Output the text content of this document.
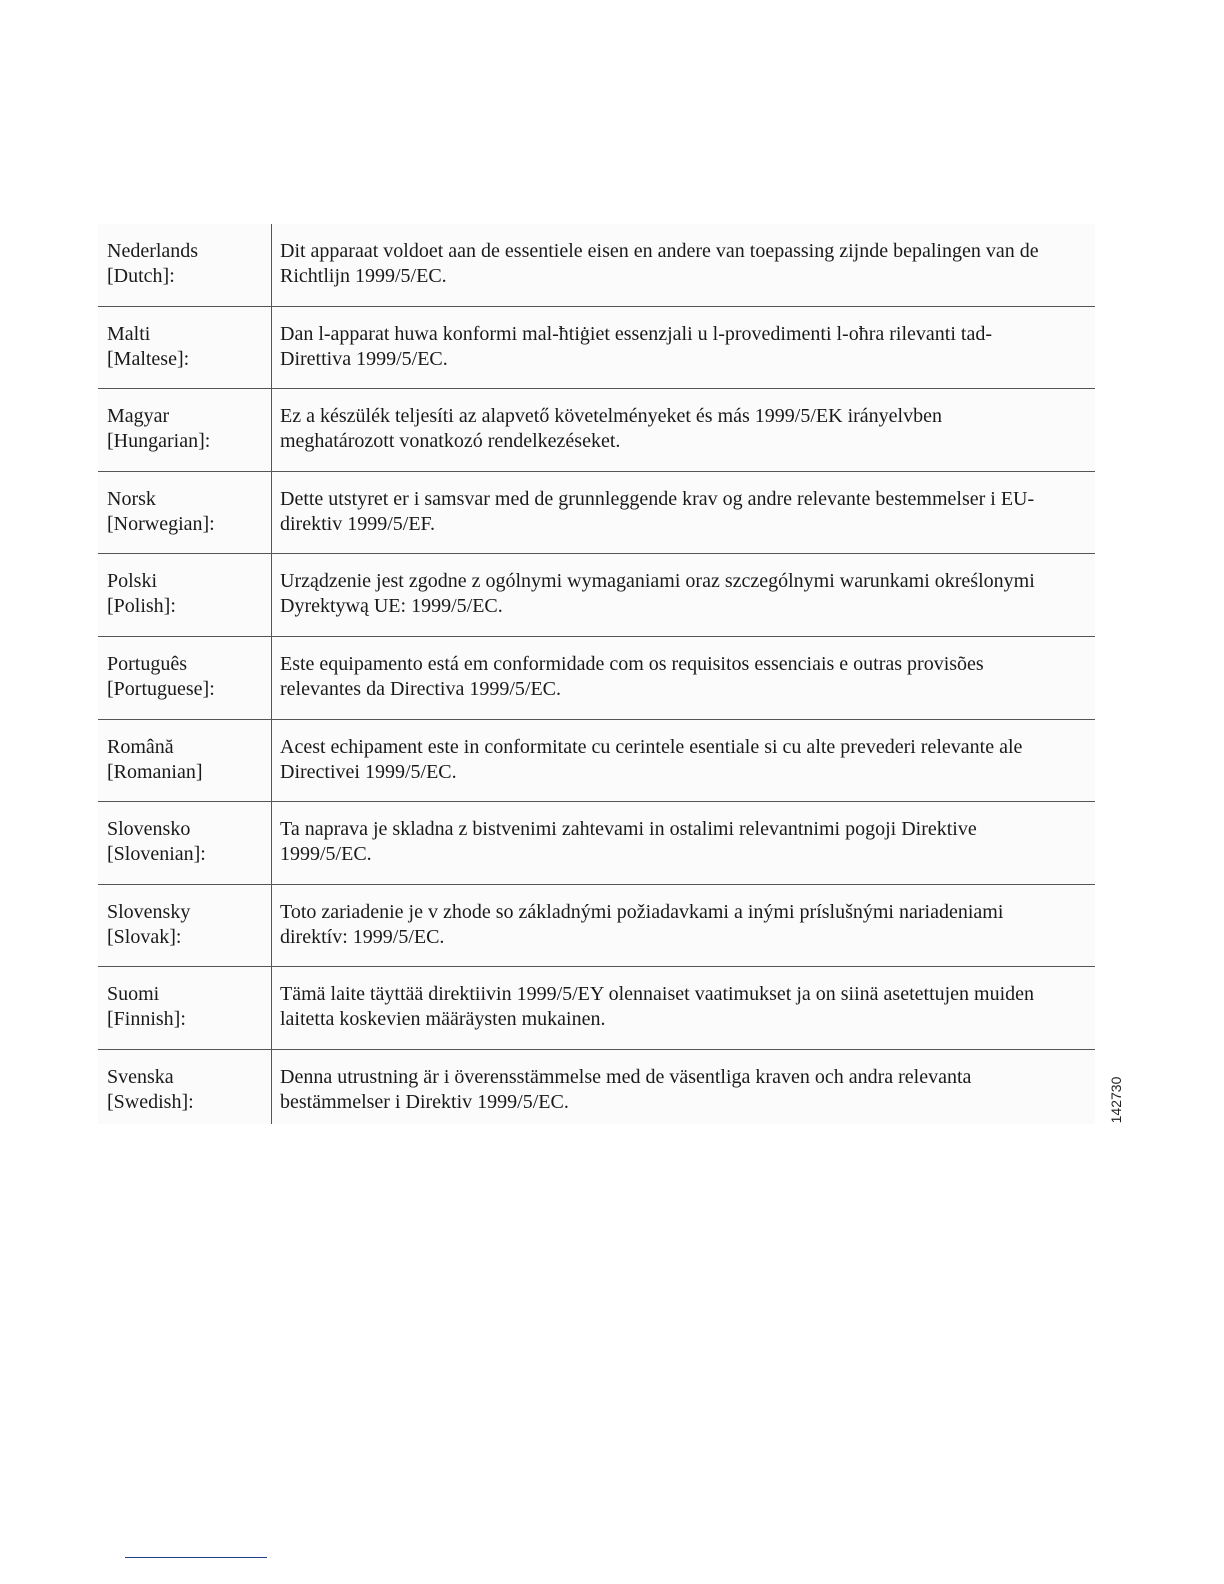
Nederlands
[Dutch]:
Dit apparaat voldoet aan de essentiele eisen en andere van toepassing zijnde bepalingen van de
Richtlijn 1999/5/EC.
Malti
[Maltese]:
Dan l-apparat huwa konformi mal-ħtiġiet essenzjali u l-provedimenti l-oħra rilevanti tad-
Direttiva 1999/5/EC.
Magyar
[Hungarian]:
Ez a készülék teljesíti az alapvető követelményeket és más 1999/5/EK irányelvben
meghatározott vonatkozó rendelkezéseket.
Norsk
[Norwegian]:
Dette utstyret er i samsvar med de grunnleggende krav og andre relevante bestemmelser i EU-
direktiv 1999/5/EF.
Polski
[Polish]:
Urządzenie jest zgodne z ogólnymi wymaganiami oraz szczególnymi warunkami określonymi
Dyrektywą UE: 1999/5/EC.
Português
[Portuguese]:
Este equipamento está em conformidade com os requisitos essenciais e outras provisões
relevantes da Directiva 1999/5/EC.
Română
[Romanian]
Acest echipament este in conformitate cu cerintele esentiale si cu alte prevederi relevante ale
Directivei 1999/5/EC.
Slovensko
[Slovenian]:
Ta naprava je skladna z bistvenimi zahtevami in ostalimi relevantnimi pogoji Direktive
1999/5/EC.
Slovensky
[Slovak]:
Toto zariadenie je v zhode so základnými požiadavkami a inými príslušnými nariadeniami
direktív: 1999/5/EC.
Suomi
[Finnish]:
Tämä laite täyttää direktiivin 1999/5/EY olennaiset vaatimukset ja on siinä asetettujen muiden
laitetta koskevien määräysten mukainen.
Svenska
[Swedish]:
Denna utrustning är i överensstämmelse med de väsentliga kraven och andra relevanta
bestämmelser i Direktiv 1999/5/EC.	142730
